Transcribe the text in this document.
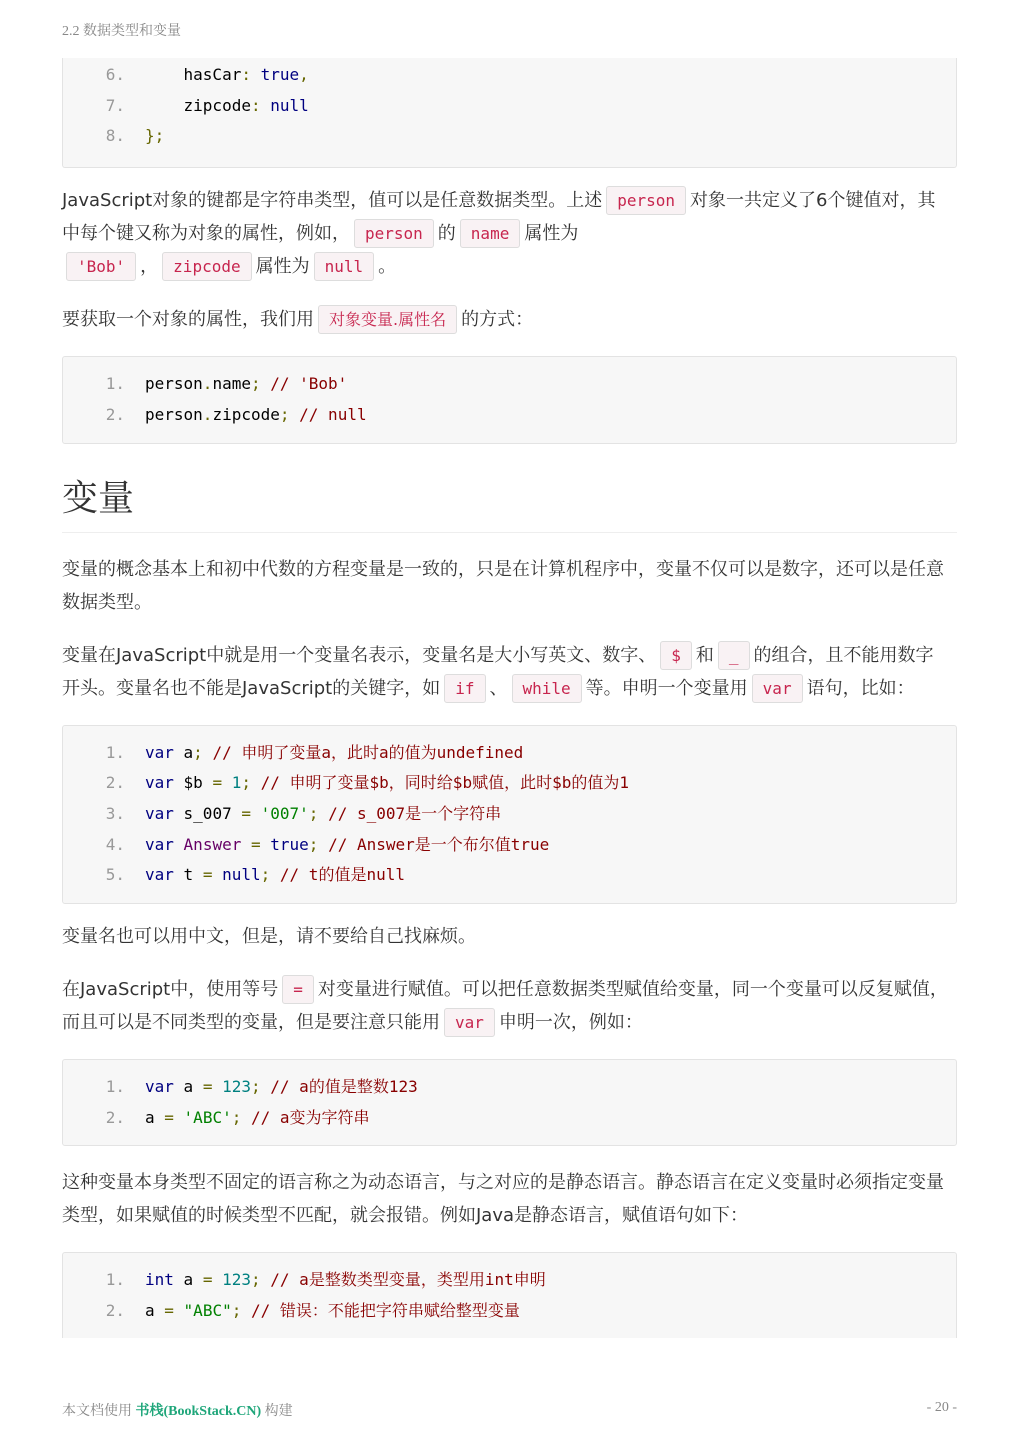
2.2 数据类型和变量
6.	hasCar: true,
7.	zipcode: null
8.	};

JavaScript对象的键都是字符串类型，值可以是任意数据类型。上述 person 对象一共定义了6个键值对，其中每个键又称为对象的属性，例如， person 的 name 属性为
'Bob' ， zipcode 属性为 null 。

要获取一个对象的属性，我们用 对象变量.属性名 的方式：

1.	person.name; // 'Bob'
2.	person.zipcode; // null
变量

变量的概念基本上和初中代数的方程变量是一致的，只是在计算机程序中，变量不仅可以是数字，还可以是任意数据类型。

变量在JavaScript中就是用一个变量名表示，变量名是大小写英文、数字、 $ 和 _ 的组合，且不能用数字开头。变量名也不能是JavaScript的关键字，如 if 、 while 等。申明一个变量用 var 语句，比如：

1.	var a; // 申明了变量a，此时a的值为undefined
2.	var $b = 1; // 申明了变量$b，同时给$b赋值，此时$b的值为1
3.	var s_007 = '007'; // s_007是一个字符串
4.	var Answer = true; // Answer是一个布尔值true
5.	var t = null; // t的值是null

变量名也可以用中文，但是，请不要给自己找麻烦。

在JavaScript中，使用等号 = 对变量进行赋值。可以把任意数据类型赋值给变量，同一个变量可以反复赋值，而且可以是不同类型的变量，但是要注意只能用 var 申明一次，例如：

1.	var a = 123; // a的值是整数123
2.	a = 'ABC'; // a变为字符串

这种变量本身类型不固定的语言称之为动态语言，与之对应的是静态语言。静态语言在定义变量时必须指定变量类型，如果赋值的时候类型不匹配，就会报错。例如Java是静态语言，赋值语句如下：

1.	int a = 123; // a是整数类型变量，类型用int申明
2.	a = "ABC"; // 错误：不能把字符串赋给整型变量
本文档使用 书栈(BookStack.CN) 构建	- 20 -
